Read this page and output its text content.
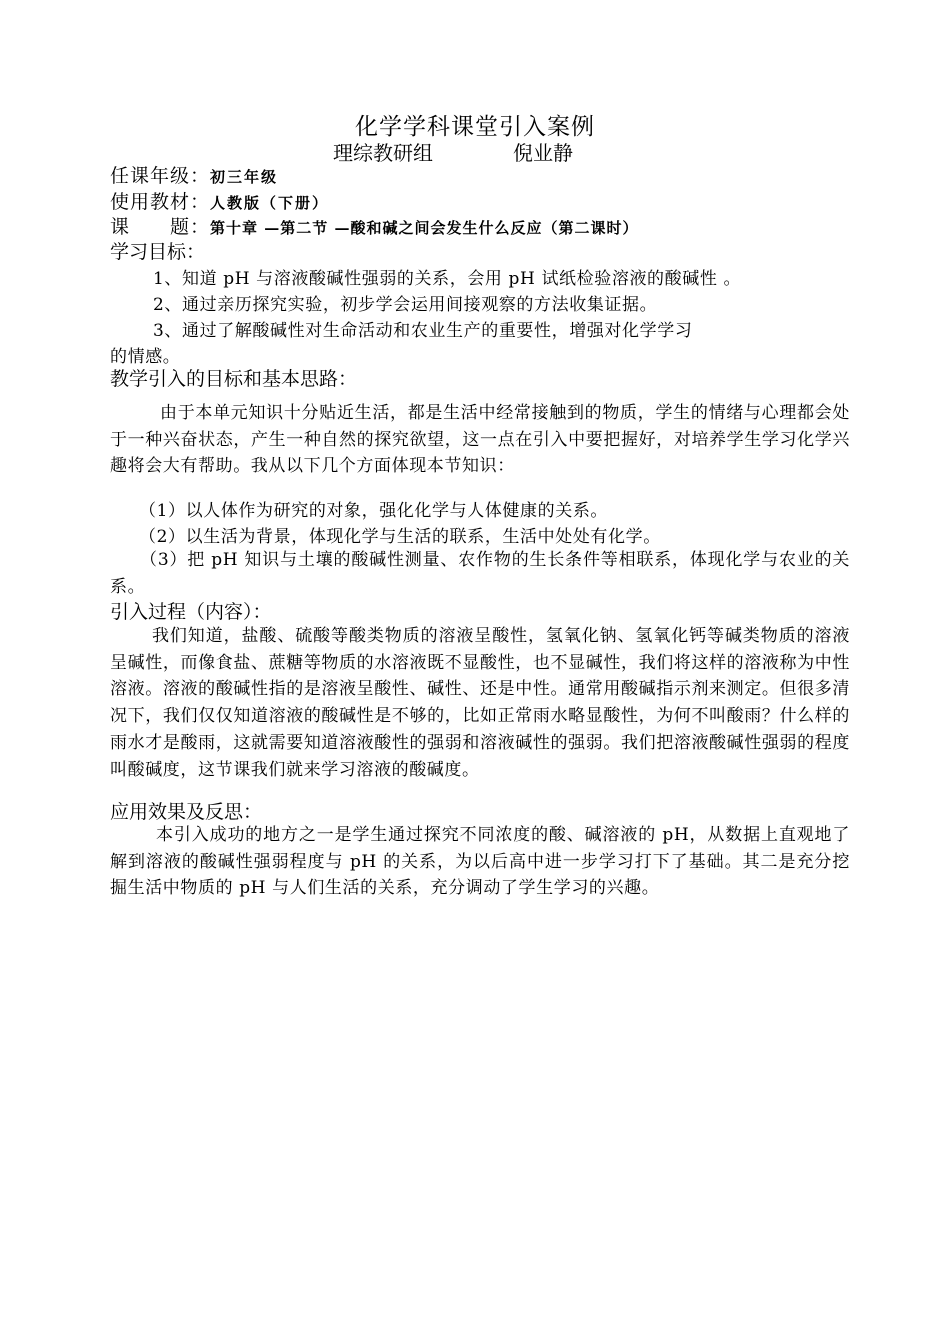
化学学科课堂引入案例
理综教研组	倪业静
任课年级：初三年级
使用教材：人教版（下册）
课　　题：第十章 —第二节 —酸和碱之间会发生什么反应（第二课时）
学习目标：
1、知道 pH 与溶液酸碱性强弱的关系，会用 pH 试纸检验溶液的酸碱性 。
2、通过亲历探究实验，初步学会运用间接观察的方法收集证据。
3、通过了解酸碱性对生命活动和农业生产的重要性，增强对化学学习
的情感。
教学引入的目标和基本思路：
由于本单元知识十分贴近生活，都是生活中经常接触到的物质，学生的情绪与心理都会处于一种兴奋状态，产生一种自然的探究欲望，这一点在引入中要把握好，对培养学生学习化学兴趣将会大有帮助。我从以下几个方面体现本节知识：
（1）以人体作为研究的对象，强化化学与人体健康的关系。
（2）以生活为背景，体现化学与生活的联系，生活中处处有化学。
（3）把 pH 知识与土壤的酸碱性测量、农作物的生长条件等相联系，体现化学与农业的关系。
引入过程（内容）：
我们知道，盐酸、硫酸等酸类物质的溶液呈酸性，氢氧化钠、氢氧化钙等碱类物质的溶液呈碱性，而像食盐、蔗糖等物质的水溶液既不显酸性，也不显碱性，我们将这样的溶液称为中性溶液。溶液的酸碱性指的是溶液呈酸性、碱性、还是中性。通常用酸碱指示剂来测定。但很多清况下，我们仅仅知道溶液的酸碱性是不够的，比如正常雨水略显酸性，为何不叫酸雨？什么样的雨水才是酸雨，这就需要知道溶液酸性的强弱和溶液碱性的强弱。我们把溶液酸碱性强弱的程度叫酸碱度，这节课我们就来学习溶液的酸碱度。
应用效果及反思：
本引入成功的地方之一是学生通过探究不同浓度的酸、碱溶液的 pH，从数据上直观地了解到溶液的酸碱性强弱程度与 pH 的关系，为以后高中进一步学习打下了基础。其二是充分挖掘生活中物质的 pH 与人们生活的关系，充分调动了学生学习的兴趣。
